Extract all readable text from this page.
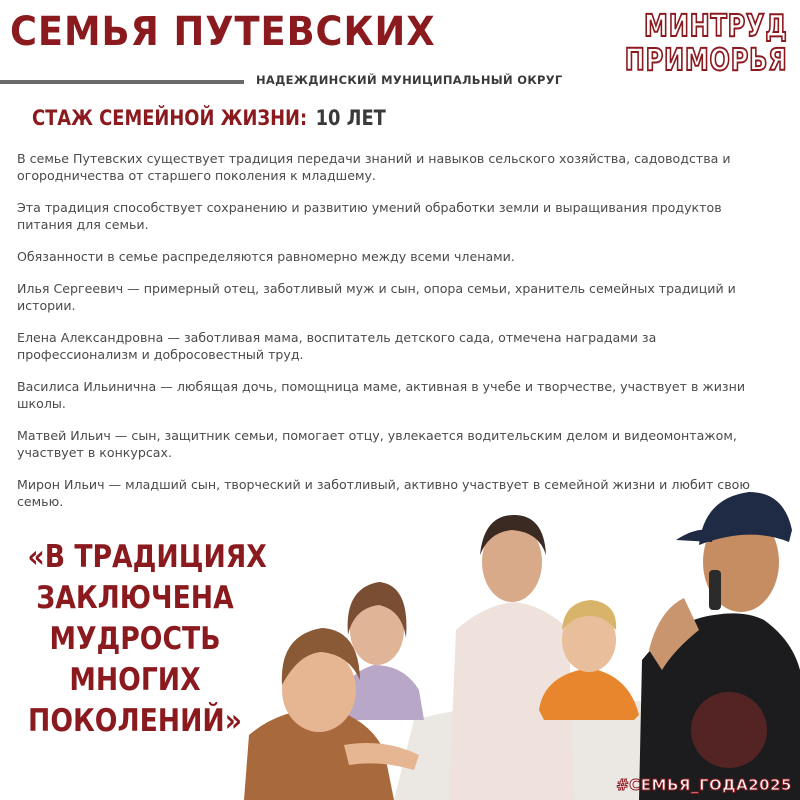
СЕМЬЯ ПУТЕВСКИХ
НАДЕЖДИНСКИЙ МУНИЦИПАЛЬНЫЙ ОКРУГ
МИНТРУД
ПРИМОРЬЯ
СТАЖ СЕМЕЙНОЙ ЖИЗНИ: 10 ЛЕТ

В семье Путевских существует традиция передачи знаний и навыков сельского хозяйства, садоводства и огородничества от старшего поколения к младшему.

Эта традиция способствует сохранению и развитию умений обработки земли и выращивания продуктов питания для семьи.

Обязанности в семье распределяются равномерно между всеми членами.

Илья Сергеевич — примерный отец, заботливый муж и сын, опора семьи, хранитель семейных традиций и истории.

Елена Александровна — заботливая мама, воспитатель детского сада, отмечена наградами за профессионализм и добросовестный труд.

Василиса Ильинична — любящая дочь, помощница маме, активная в учебе и творчестве, участвует в жизни школы.

Матвей Ильич — сын, защитник семьи, помогает отцу, увлекается водительским делом и видеомонтажом, участвует в конкурсах.

Мирон Ильич — младший сын, творческий и заботливый, активно участвует в семейной жизни и любит свою семью.

«В ТРАДИЦИЯХ
ЗАКЛЮЧЕНА
МУДРОСТЬ
МНОГИХ
ПОКОЛЕНИЙ»
#СЕМЬЯ_ГОДА2025
